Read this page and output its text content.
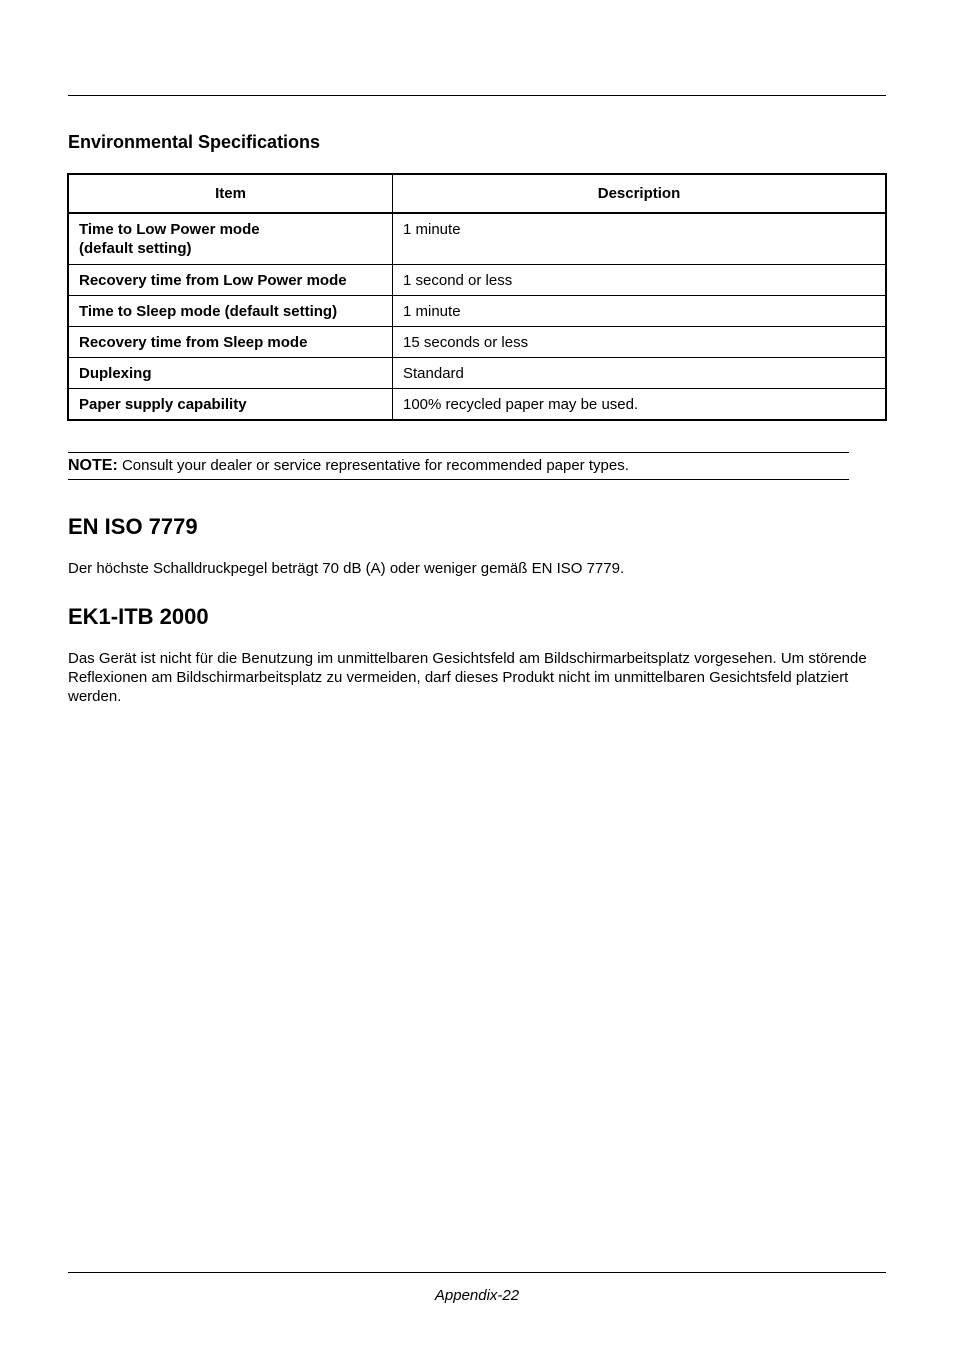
Environmental Specifications
Item	Description
Time to Low Power mode
(default setting)	1 minute
Recovery time from Low Power mode	1 second or less
Time to Sleep mode (default setting)	1 minute
Recovery time from Sleep mode	15 seconds or less
Duplexing	Standard
Paper supply capability	100% recycled paper may be used.
NOTE: Consult your dealer or service representative for recommended paper types.
EN ISO 7779

Der höchste Schalldruckpegel beträgt 70 dB (A) oder weniger gemäß EN ISO 7779.

EK1-ITB 2000

Das Gerät ist nicht für die Benutzung im unmittelbaren Gesichtsfeld am Bildschirmarbeitsplatz vorgesehen. Um störende Reflexionen am Bildschirmarbeitsplatz zu vermeiden, darf dieses Produkt nicht im unmittelbaren Gesichtsfeld platziert werden.

Appendix-22
